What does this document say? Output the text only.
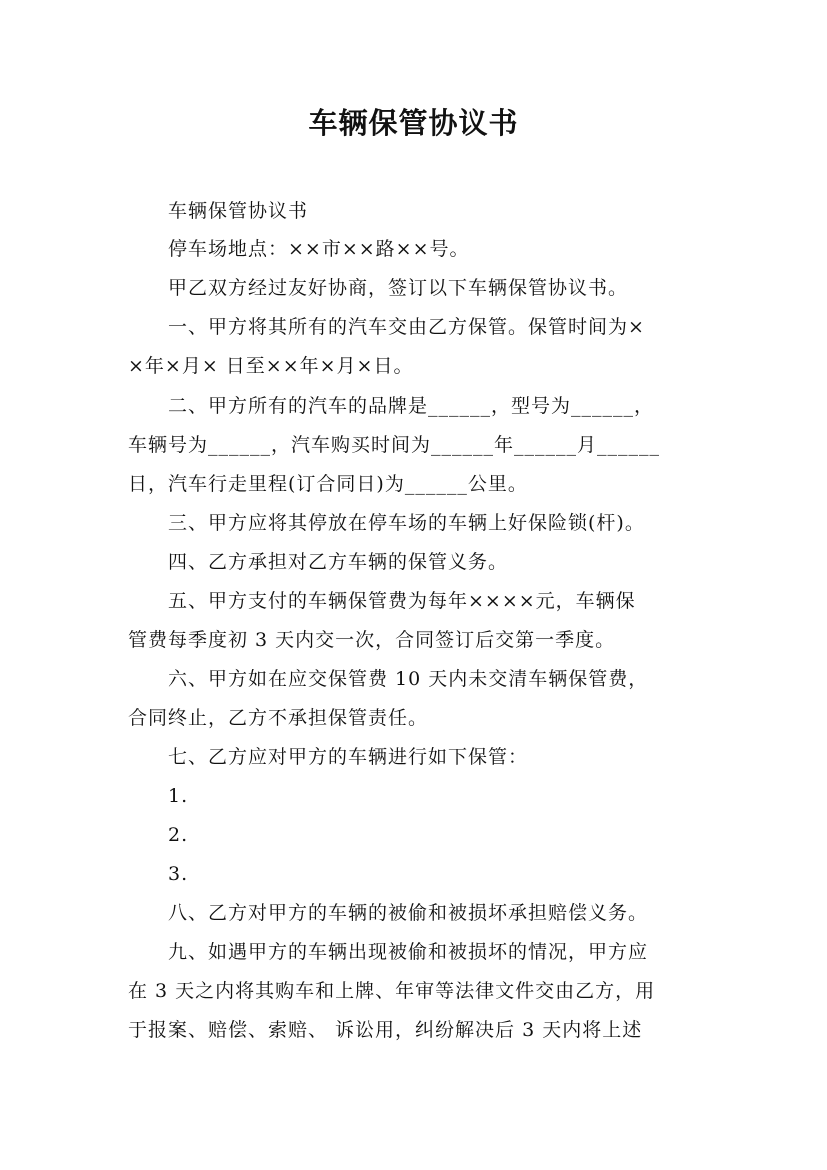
车辆保管协议书
车辆保管协议书
停车场地点：××市××路××号。
甲乙双方经过友好协商，签订以下车辆保管协议书。
一、甲方将其所有的汽车交由乙方保管。保管时间为×
×年×月× 日至××年×月×日。
二、甲方所有的汽车的品牌是______，型号为______，
车辆号为______，汽车购买时间为______年______月______
日，汽车行走里程(订合同日)为______公里。
三、甲方应将其停放在停车场的车辆上好保险锁(杆)。
四、乙方承担对乙方车辆的保管义务。
五、甲方支付的车辆保管费为每年××××元，车辆保
管费每季度初 3 天内交一次，合同签订后交第一季度。
六、甲方如在应交保管费 10 天内未交清车辆保管费，
合同终止，乙方不承担保管责任。
七、乙方应对甲方的车辆进行如下保管：
1.
2.
3.
八、乙方对甲方的车辆的被偷和被损坏承担赔偿义务。
九、如遇甲方的车辆出现被偷和被损坏的情况，甲方应
在 3 天之内将其购车和上牌、年审等法律文件交由乙方，用
于报案、赔偿、索赔、 诉讼用，纠纷解决后 3 天内将上述
